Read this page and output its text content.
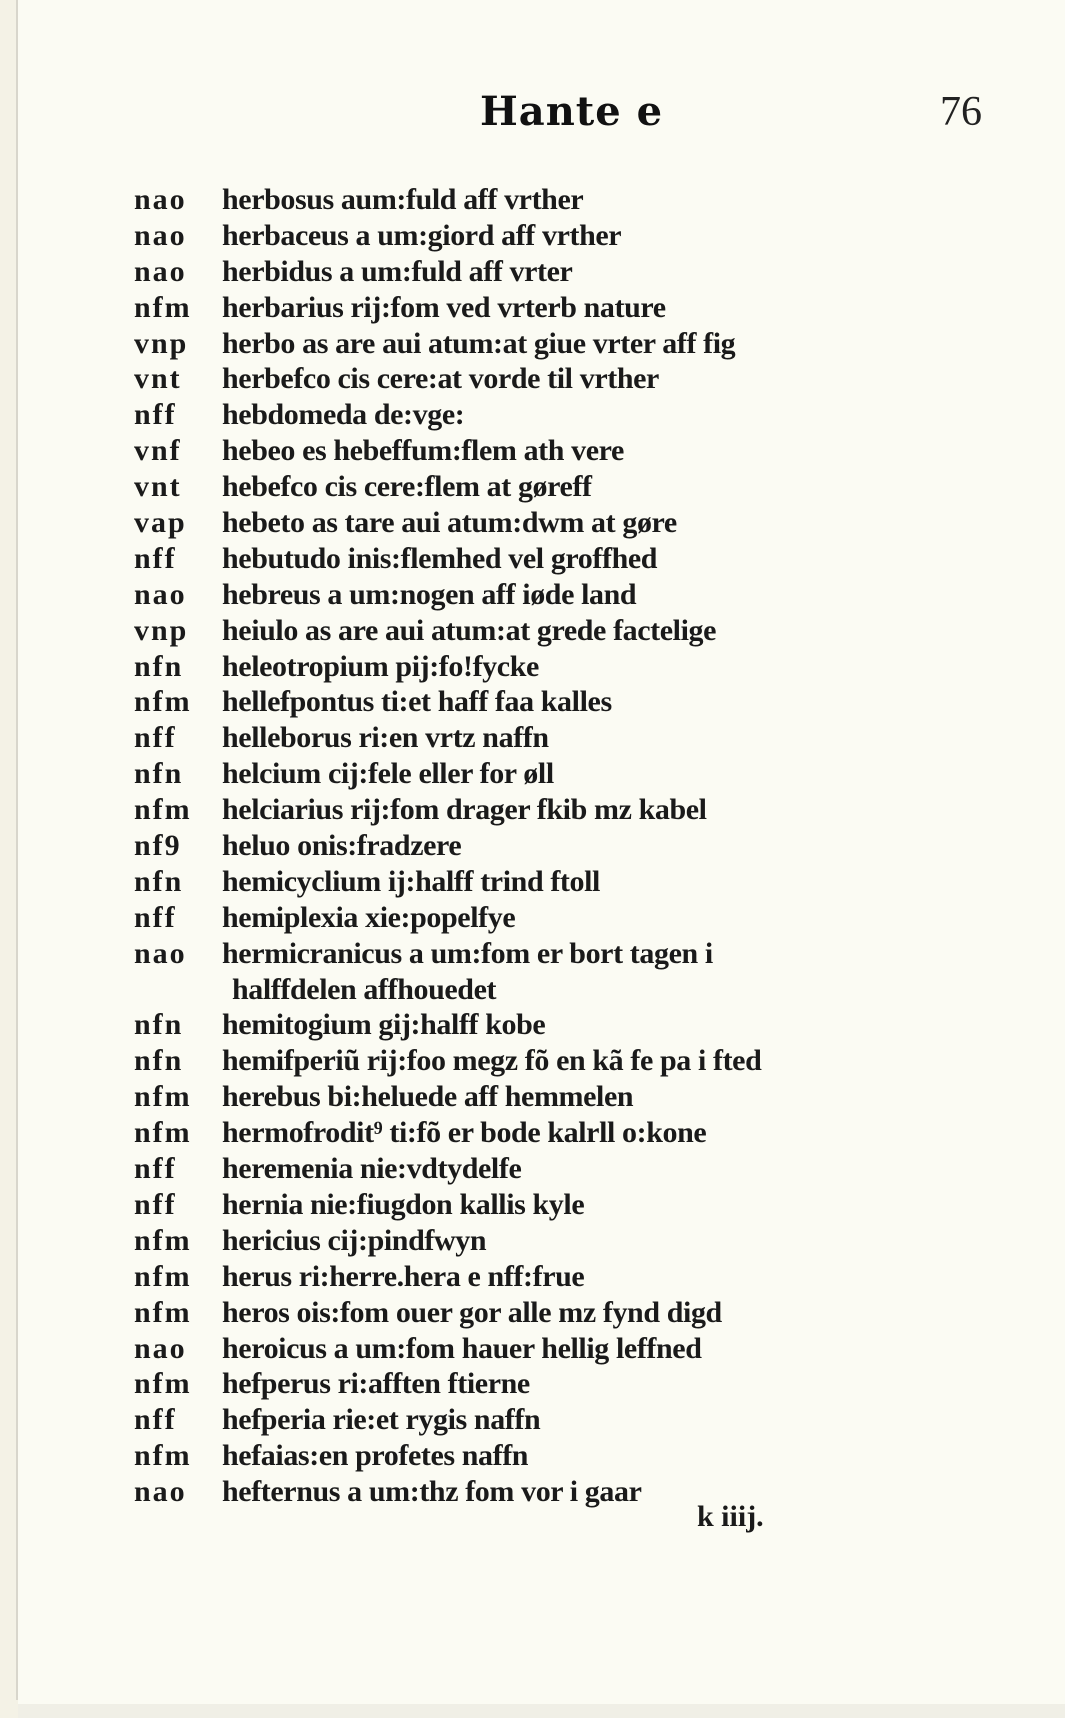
Hante e	76
nao herbosus aum:fuld aff vrther
nao herbaceus a um:giord aff vrther
nao herbidus a um:fuld aff vrter
nfm herbarius rij:fom ved vrterb nature
vnp herbo as are aui atum:at giue vrter aff fig
vnt herbefco cis cere:at vorde til vrther
nff hebdomeda de:vge:
vnf hebeo es hebeffum:flem ath vere
vnt hebefco cis cere:flem at gøreff
vap hebeto as tare aui atum:dwm at gøre
nff hebutudo inis:flemhed vel groffhed
nao hebreus a um:nogen aff iøde land
vnp heiulo as are aui atum:at grede factelige
nfn heleotropium pij:fo!fycke
nfm hellefpontus ti:et haff faa kalles
nff helleborus ri:en vrtz naffn
nfn helcium cij:fele eller for øll
nfm helciarius rij:fom drager fkib mz kabel
nf9 heluo onis:fradzere
nfn hemicyclium ij:halff trind ftoll
nff hemiplexia xie:popelfye
nao hermicranicus a um:fom er bort tagen i
halffdelen affhouedet
nfn hemitogium gij:halff kobe
nfn hemifperiũ rij:foo megz fõ en kã fe pa i fted
nfm herebus bi:heluede aff hemmelen
nfm hermofrodit⁹ ti:fõ er bode kalrll o:kone
nff heremenia nie:vdtydelfe
nff hernia nie:fiugdon kallis kyle
nfm hericius cij:pindfwyn
nfm herus ri:herre.hera e nff:frue
nfm heros ois:fom ouer gor alle mz fynd digd
nao heroicus a um:fom hauer hellig leffned
nfm hefperus ri:afften ftierne
nff hefperia rie:et rygis naffn
nfm hefaias:en profetes naffn
nao hefternus a um:thz fom vor i gaar
k iiij.
